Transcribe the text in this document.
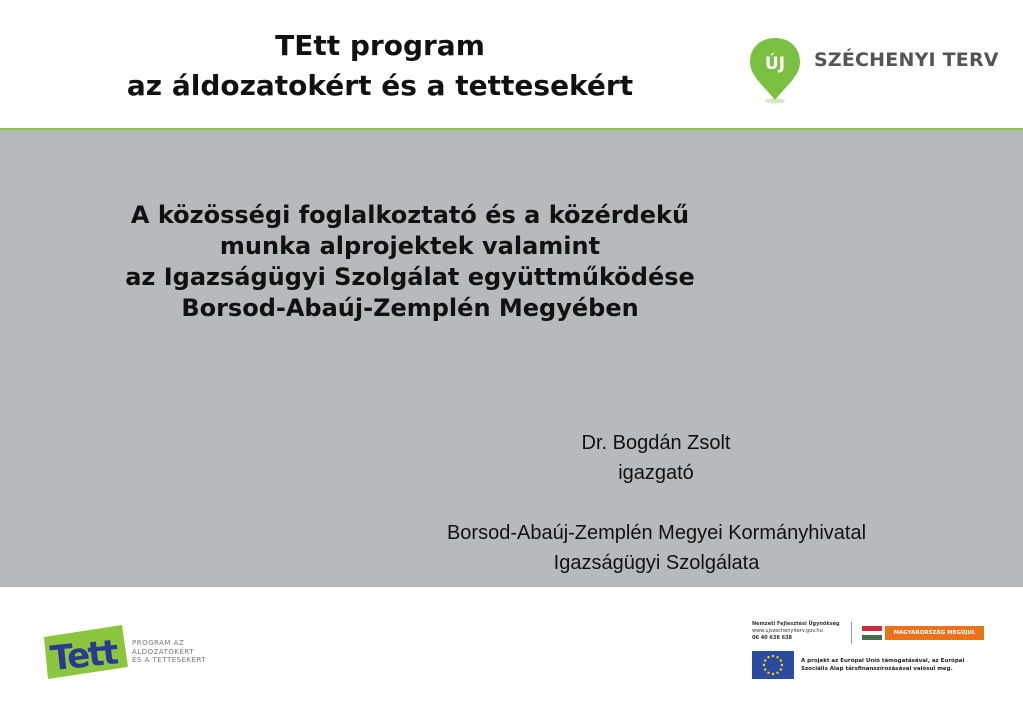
TEtt program
az áldozatokért és a tettesekért
ÚJ SZÉCHENYI TERV
A közösségi foglalkoztató és a közérdekű
munka alprojektek valamint
az Igazságügyi Szolgálat együttműködése
Borsod-Abaúj-Zemplén Megyében
Dr. Bogdán Zsolt
igazgató
Borsod-Abaúj-Zemplén Megyei Kormányhivatal
Igazságügyi Szolgálata
Tett PROGRAM AZ
ÁLDOZATOKÉRT
ÉS A TETTESEKÉRT
Nemzeti Fejlesztési Ügynökség
www.ujszechenyiterv.gov.hu
06 40 638 638
MAGYARORSZÁG MEGÚJUL
A projekt az Európai Unió támogatásával, az Európai
Szociális Alap társfinanszírozásával valósul meg.
